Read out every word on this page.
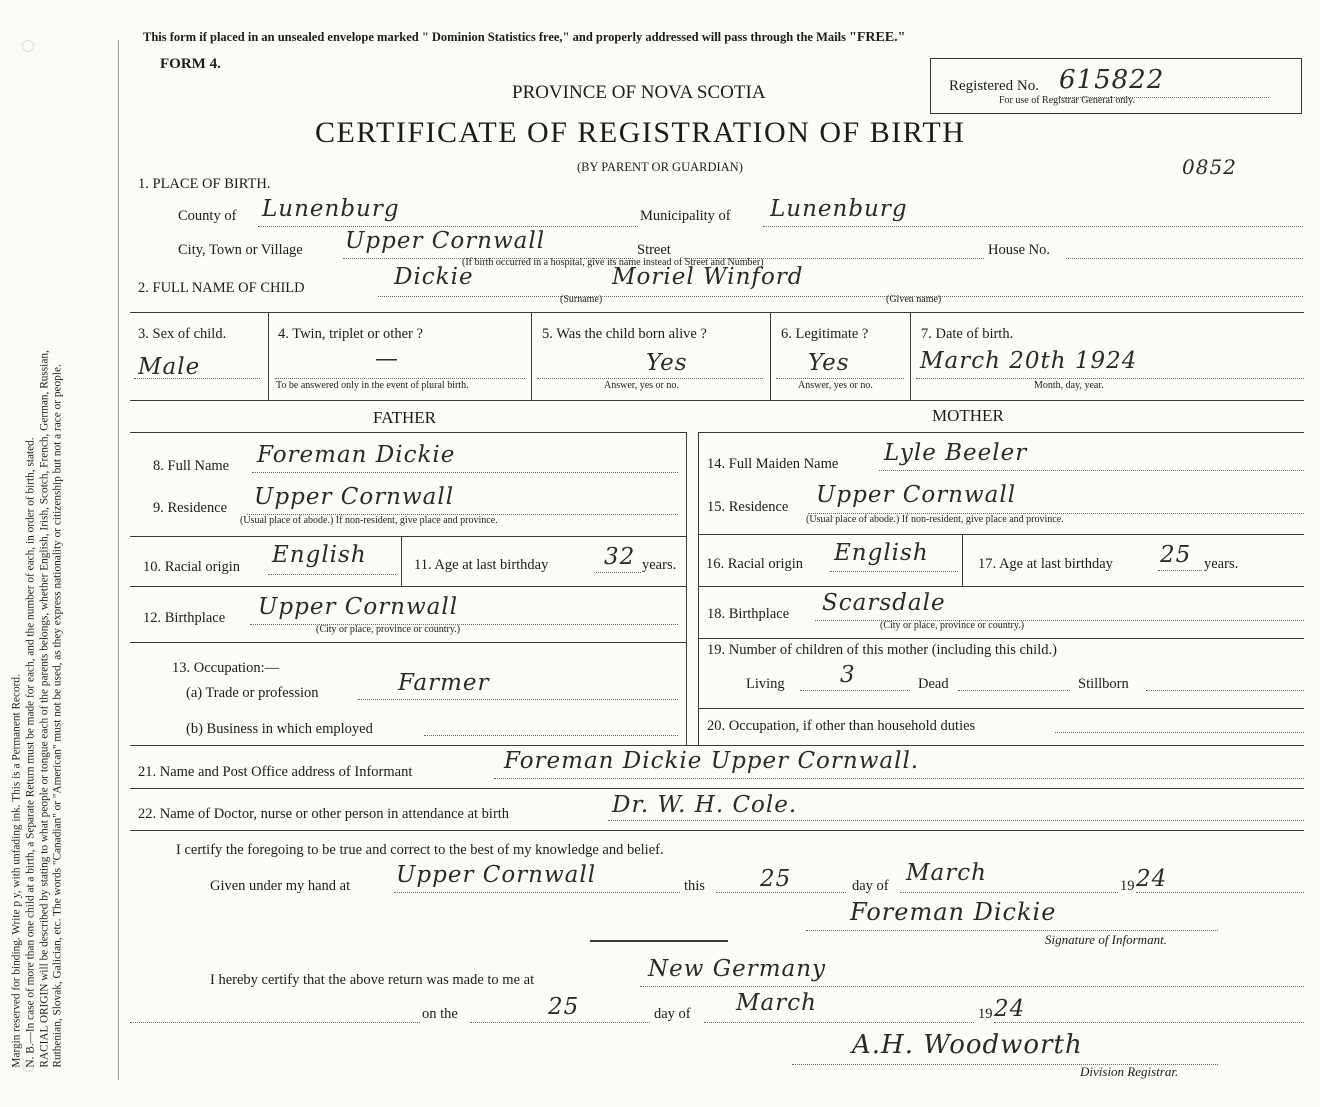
Margin reserved for binding. Write p y, with unfading ink. This is a Permanent Record. N. B.—In case of more than one child at a birth, a Separate Return must be made for each, and the number of each, in order of birth, stated. RACIAL ORIGIN will be described by stating to what people or tongue each of the parents belongs, whether English, Irish, Scotch, French, German, Russian, Ruthenian, Slovak, Galician, etc. The words "Canadian" or "American" must not be used, as they express nationality or citizenship but not a race or people.
This form if placed in an unsealed envelope marked " Dominion Statistics free," and properly addressed will pass through the Mails "FREE."
FORM 4.
PROVINCE OF NOVA SCOTIA
CERTIFICATE OF REGISTRATION OF BIRTH
(BY PARENT OR GUARDIAN)
Registered No. 615822
For use of Registrar General only.
0852
1. PLACE OF BIRTH.
County of Lunenburg	Municipality of Lunenburg
City, Town or Village Upper Cornwall	Street	House No.
(If birth occurred in a hospital, give its name instead of Street and Number)
2. FULL NAME OF CHILD	Dickie	Moriel Winford
(Surname)	(Given name)
3. Sex of child.
Male
4. Twin, triplet or other ?
—
To be answered only in the event of plural birth.
5. Was the child born alive ?
Yes
Answer, yes or no.
6. Legitimate ?
Yes
Answer, yes or no.
7. Date of birth.
March 20th 1924
Month, day, year.
FATHER	MOTHER
8. Full Name Foreman Dickie
9. Residence Upper Cornwall
(Usual place of abode.) If non-resident, give place and province.
10. Racial origin English	11. Age at last birthday 32 years.
12. Birthplace Upper Cornwall
(City or place, province or country.)
13. Occupation:—
(a) Trade or profession	Farmer
(b) Business in which employed
14. Full Maiden Name Lyle Beeler
15. Residence Upper Cornwall
(Usual place of abode.) If non-resident, give place and province.
16. Racial origin English	17. Age at last birthday 25 years.
18. Birthplace Scarsdale
(City or place, province or country.)
19. Number of children of this mother (including this child.)
Living 3	Dead	Stillborn
20. Occupation, if other than household duties
21. Name and Post Office address of Informant	Foreman Dickie Upper Cornwall.
22. Name of Doctor, nurse or other person in attendance at birth	Dr. W. H. Cole.
I certify the foregoing to be true and correct to the best of my knowledge and belief.
Given under my hand at Upper Cornwall	this 25	day of March	19 24
Foreman Dickie
Signature of Informant.
I hereby certify that the above return was made to me at	New Germany
on the	25	day of March	19 24
A.H. Woodworth
Division Registrar.
